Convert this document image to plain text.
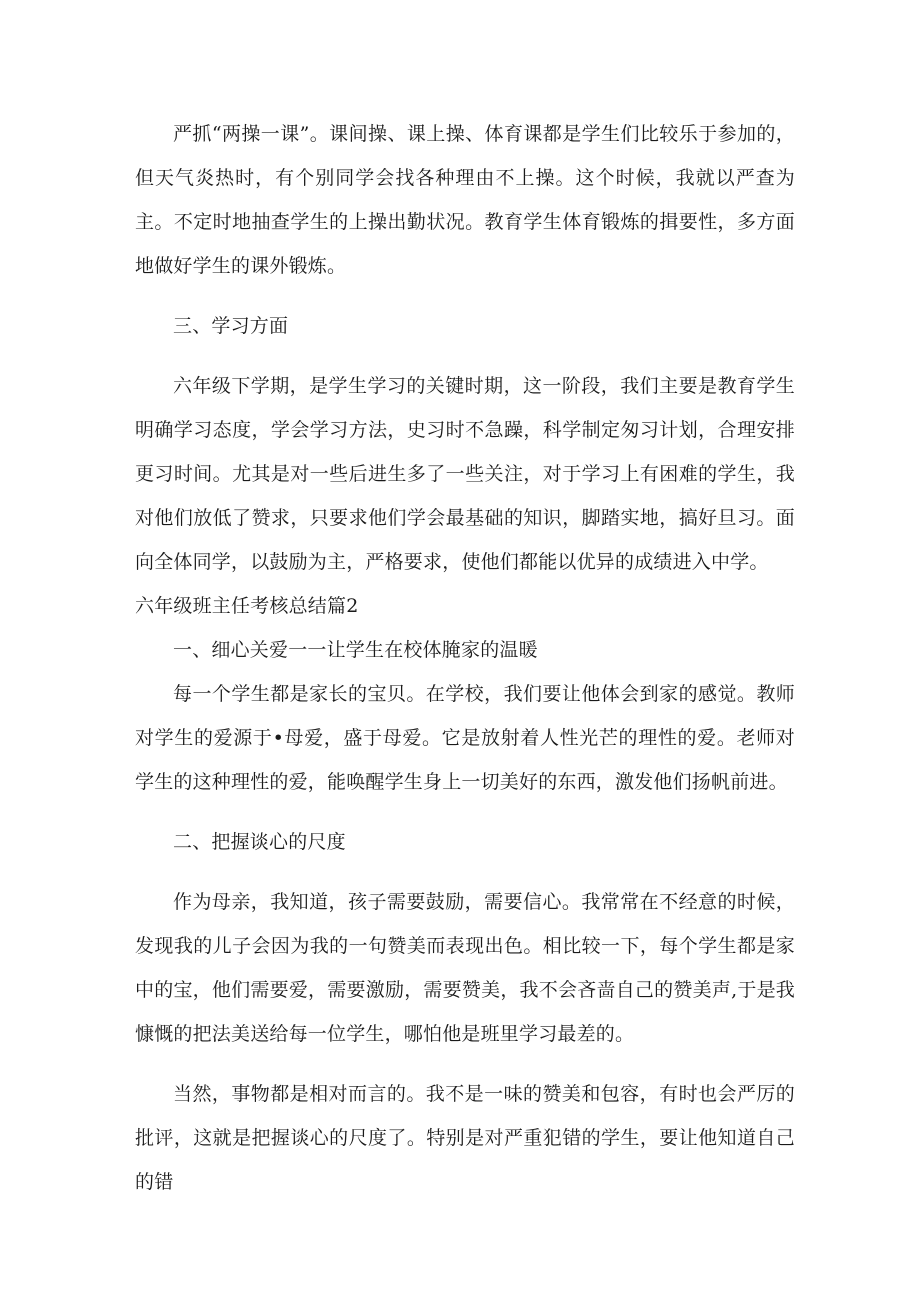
严抓“两操一课”。课间操、课上操、体育课都是学生们比较乐于参加的，但天气炎热时，有个别同学会找各种理由不上操。这个时候，我就以严查为主。不定时地抽查学生的上操出勤状况。教育学生体育锻炼的揖要性，多方面地做好学生的课外锻炼。

三、学习方面

六年级下学期，是学生学习的关键时期，这一阶段，我们主要是教育学生明确学习态度，学会学习方法，史习时不急躁，科学制定匆习计划，合理安排更习时间。尤其是对一些后进生多了一些关注，对于学习上有困难的学生，我对他们放低了赞求，只要求他们学会最基础的知识，脚踏实地，搞好旦习。面向全体同学，以鼓励为主，严格要求，使他们都能以优异的成绩进入中学。

六年级班主任考核总结篇2

一、细心关爱一一让学生在校体腌家的温暖

每一个学生都是家长的宝贝。在学校，我们要让他体会到家的感觉。教师对学生的爱源于•母爱，盛于母爱。它是放射着人性光芒的理性的爱。老师对学生的这种理性的爱，能唤醒学生身上一切美好的东西，激发他们扬帆前进。

二、把握谈心的尺度

作为母亲，我知道，孩子需要鼓励，需要信心。我常常在不经意的时候，发现我的儿子会因为我的一句赞美而表现出色。相比较一下，每个学生都是家中的宝，他们需要爱，需要激励，需要赞美，我不会吝啬自己的赞美声,于是我慷慨的把法美送给每一位学生，哪怕他是班里学习最差的。

当然，事物都是相对而言的。我不是一味的赞美和包容，有时也会严厉的批评，这就是把握谈心的尺度了。特别是对严重犯错的学生，要让他知道自己的错
